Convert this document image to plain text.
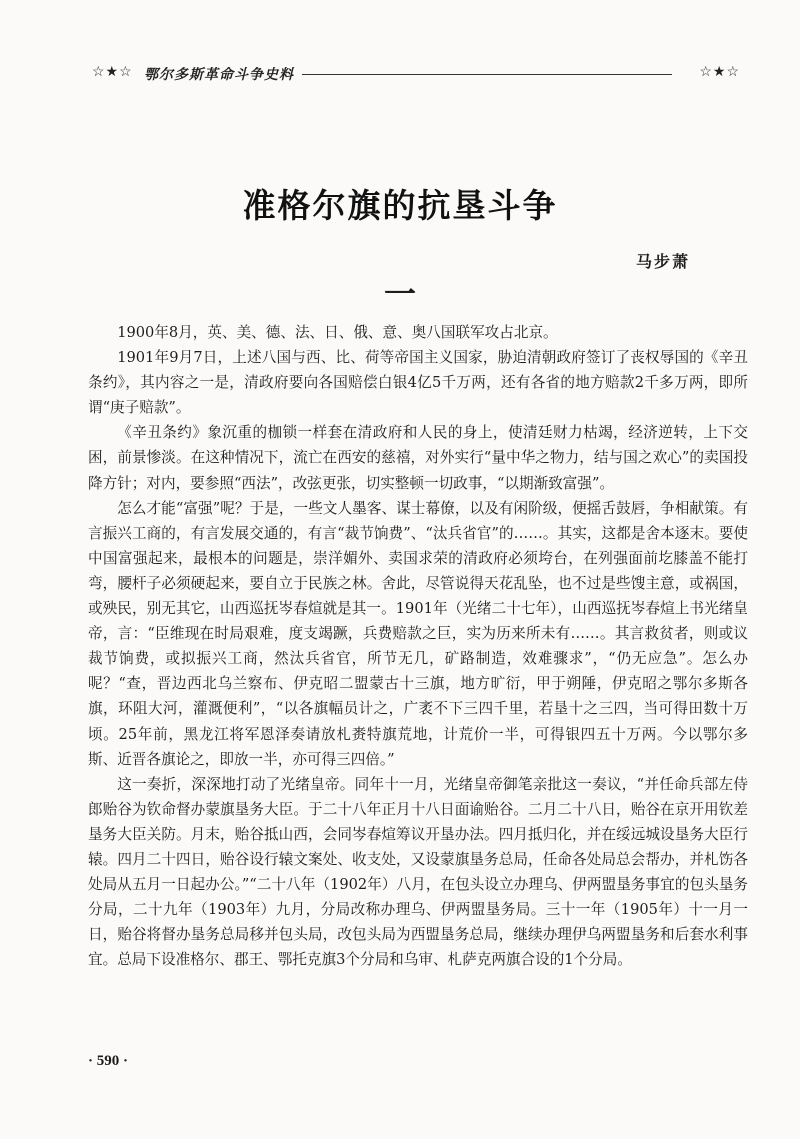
☆★☆ 鄂尔多斯革命斗争史料	☆★☆
准格尔旗的抗垦斗争
马步萧
一

1900年8月，英、美、德、法、日、俄、意、奥八国联军攻占北京。

1901年9月7日，上述八国与西、比、荷等帝国主义国家，胁迫清朝政府签订了丧权辱国的《辛丑条约》，其内容之一是，清政府要向各国赔偿白银4亿5千万两，还有各省的地方赔款2千多万两，即所谓“庚子赔款”。

《辛丑条约》象沉重的枷锁一样套在清政府和人民的身上，使清廷财力枯竭，经济逆转，上下交困，前景惨淡。在这种情况下，流亡在西安的慈禧，对外实行“量中华之物力，结与国之欢心”的卖国投降方针；对内，要参照“西法”，改弦更张，切实整顿一切政事，“以期渐致富强”。

怎么才能“富强”呢？于是，一些文人墨客、谋士幕僚，以及有闲阶级，便摇舌鼓唇，争相献策。有言振兴工商的，有言发展交通的，有言“裁节饷费”、“汰兵省官”的……。其实，这都是舍本逐末。要使中国富强起来，最根本的问题是，崇洋媚外、卖国求荣的清政府必须垮台，在列强面前圪膝盖不能打弯，腰杆子必须硬起来，要自立于民族之林。舍此，尽管说得天花乱坠，也不过是些馊主意，或祸国，或殃民，别无其它，山西巡抚岑春煊就是其一。1901年（光绪二十七年），山西巡抚岑春煊上书光绪皇帝，言：“臣维现在时局艰难，度支竭蹶，兵费赔款之巨，实为历来所未有……。其言救贫者，则或议裁节饷费，或拟振兴工商，然汰兵省官，所节无几，矿路制造，效难骤求”，“仍无应急”。怎么办呢？“查，晋边西北乌兰察布、伊克昭二盟蒙古十三旗，地方旷衍，甲于朔陲，伊克昭之鄂尔多斯各旗，环阻大河，灌溉便利”，“以各旗幅员计之，广袤不下三四千里，若垦十之三四，当可得田数十万顷。25年前，黑龙江将军恩泽奏请放札赉特旗荒地，计荒价一半，可得银四五十万两。今以鄂尔多斯、近晋各旗论之，即放一半，亦可得三四倍。”

这一奏折，深深地打动了光绪皇帝。同年十一月，光绪皇帝御笔亲批这一奏议，“并任命兵部左侍郎贻谷为钦命督办蒙旗垦务大臣。于二十八年正月十八日面谕贻谷。二月二十八日，贻谷在京开用钦差垦务大臣关防。月末，贻谷抵山西，会同岑春煊筹议开垦办法。四月抵归化，并在绥远城设垦务大臣行辕。四月二十四日，贻谷设行辕文案处、收支处，又设蒙旗垦务总局，任命各处局总会帮办，并札饬各处局从五月一日起办公。”“二十八年（1902年）八月，在包头设立办理乌、伊两盟垦务事宜的包头垦务分局，二十九年（1903年）九月，分局改称办理乌、伊两盟垦务局。三十一年（1905年）十一月一日，贻谷将督办垦务总局移并包头局，改包头局为西盟垦务总局，继续办理伊乌两盟垦务和后套水利事宜。总局下设准格尔、郡王、鄂托克旗3个分局和乌审、札萨克两旗合设的1个分局。

· 590 ·
